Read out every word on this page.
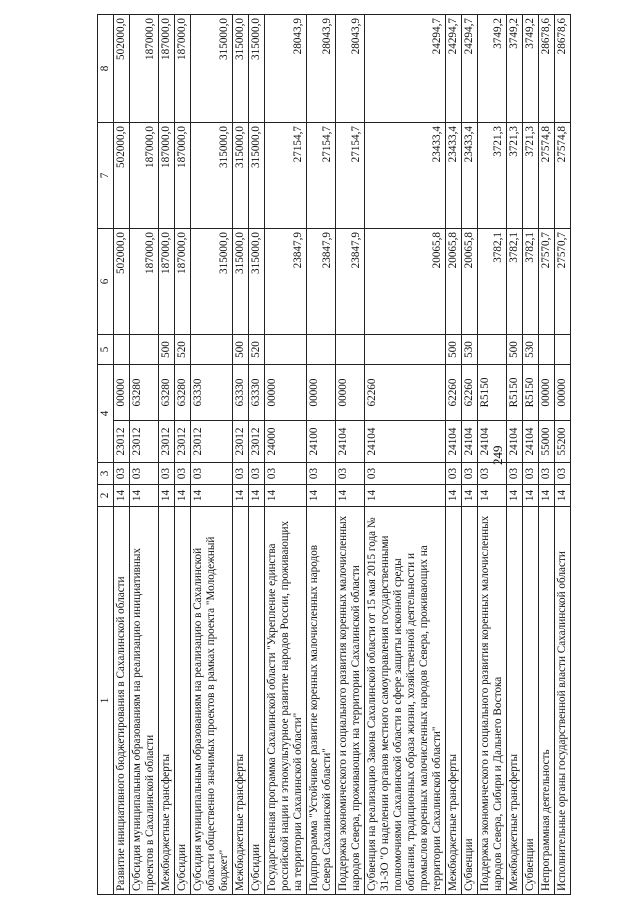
249
1	2	3	4		5	6	7	8
Развитие инициативного бюджетирования в Сахалинской области	14	03	23012	00000		502000,0	502000,0	502000,0
Субсидия муниципальным образованиям на реализацию инициативных проектов в Сахалинской области	14	03	23012	63280		187000,0	187000,0	187000,0
Межбюджетные трансферты	14	03	23012	63280	500	187000,0	187000,0	187000,0
Субсидии	14	03	23012	63280	520	187000,0	187000,0	187000,0
Субсидия муниципальным образованиям на реализацию в Сахалинской области общественно значимых проектов в рамках проекта "Молодежный бюджет"	14	03	23012	63330		315000,0	315000,0	315000,0
Межбюджетные трансферты	14	03	23012	63330	500	315000,0	315000,0	315000,0
Субсидии	14	03	23012	63330	520	315000,0	315000,0	315000,0
Государственная программа Сахалинской области "Укрепление единства российской нации и этнокультурное развитие народов России, проживающих на территории Сахалинской области"	14	03	24000	00000		23847,9	27154,7	28043,9
Подпрограмма "Устойчивое развитие коренных малочисленных народов Севера Сахалинской области"	14	03	24100	00000		23847,9	27154,7	28043,9
Поддержка экономического и социального развития коренных малочисленных народов Севера, проживающих на территории Сахалинской области	14	03	24104	00000		23847,9	27154,7	28043,9
Субвенция на реализацию Закона Сахалинской области от 15 мая 2015 года № 31-ЗО "О наделении органов местного самоуправления государственными полномочиями Сахалинской области в сфере защиты исконной среды обитания, традиционных образа жизни, хозяйственной деятельности и промыслов коренных малочисленных народов Севера, проживающих на территории Сахалинской области"	14	03	24104	62260		20065,8	23433,4	24294,7
Межбюджетные трансферты	14	03	24104	62260	500	20065,8	23433,4	24294,7
Субвенции	14	03	24104	62260	530	20065,8	23433,4	24294,7
Поддержка экономического и социального развития коренных малочисленных народов Севера, Сибири и Дальнего Востока	14	03	24104	R5150		3782,1	3721,3	3749,2
Межбюджетные трансферты	14	03	24104	R5150	500	3782,1	3721,3	3749,2
Субвенции	14	03	24104	R5150	530	3782,1	3721,3	3749,2
Непрограммная деятельность	14	03	55000	00000		27570,7	27574,8	28678,6
Исполнительные органы государственной власти Сахалинской области	14	03	55200	00000		27570,7	27574,8	28678,6
